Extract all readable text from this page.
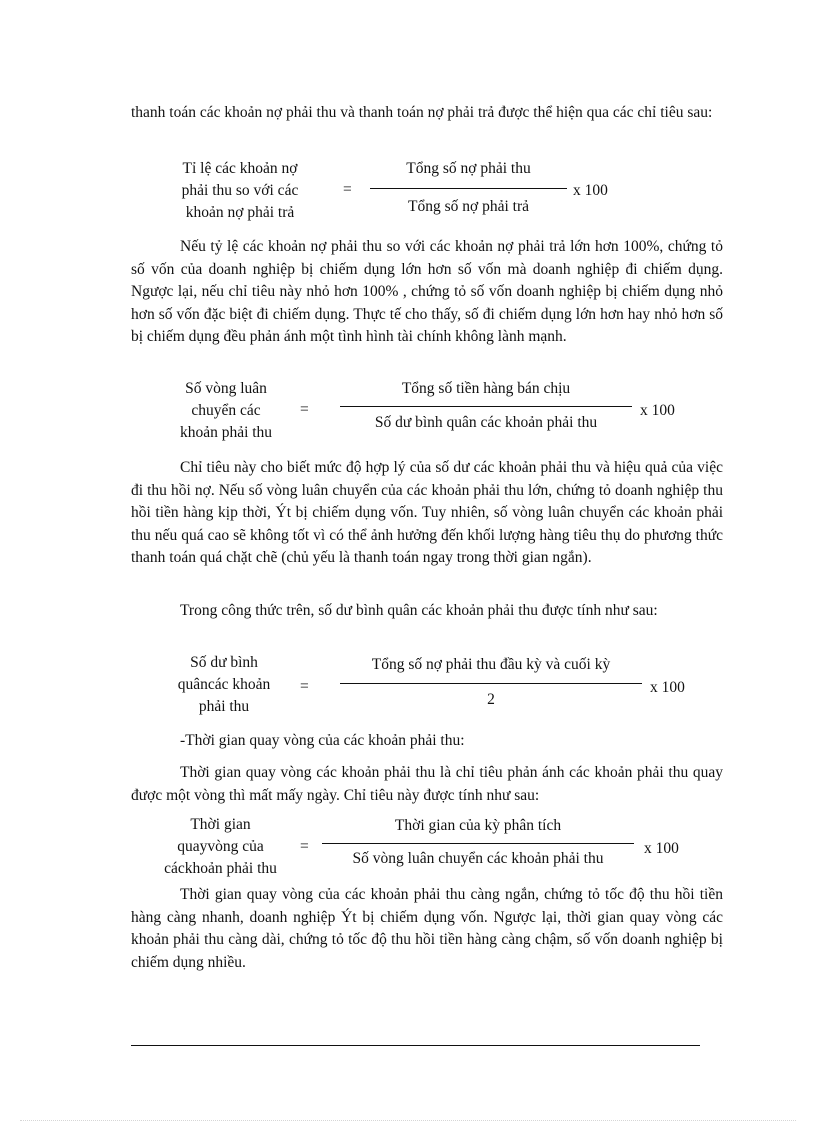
thanh toán các khoản nợ phải thu và thanh toán nợ phải trả được thể hiện qua các chỉ tiêu sau:

Tỉ lệ các khoản nợ
phải thu so với các
khoản nợ phải trả
=
Tổng số nợ phải thu
Tổng số nợ phải trả
x 100

Nếu tỷ lệ các khoản nợ phải thu so với các khoản nợ phải trả lớn hơn 100%, chứng tỏ số vốn của doanh nghiệp bị chiếm dụng lớn hơn số vốn mà doanh nghiệp đi chiếm dụng. Ngược lại, nếu chỉ tiêu này nhỏ hơn 100% , chứng tỏ số vốn doanh nghiệp bị chiếm dụng nhỏ hơn số vốn đặc biệt đi chiếm dụng. Thực tế cho thấy, số đi chiếm dụng lớn hơn hay nhỏ hơn số bị chiếm dụng đều phản ánh một tình hình tài chính không lành mạnh.

Số vòng luân
chuyển các
khoản phải thu
=
Tổng số tiền hàng bán chịu
Số dư bình quân các khoản phải thu
x 100

Chỉ tiêu này cho biết mức độ hợp lý của số dư các khoản phải thu và hiệu quả của việc đi thu hồi nợ. Nếu số vòng luân chuyển của các khoản phải thu lớn, chứng tỏ doanh nghiệp thu hồi tiền hàng kịp thời, Ýt bị chiếm dụng vốn. Tuy nhiên, số vòng luân chuyển các khoản phải thu nếu quá cao sẽ không tốt vì có thể ảnh hưởng đến khối lượng hàng tiêu thụ do phương thức thanh toán quá chặt chẽ (chủ yếu là thanh toán ngay trong thời gian ngắn).

Trong công thức trên, số dư bình quân các khoản phải thu được tính như sau:

Số dư bình
quâncác khoản
phải thu
=
Tổng số nợ phải thu đầu kỳ và cuối kỳ
2
x 100

-Thời gian quay vòng của các khoản phải thu:

Thời gian quay vòng các khoản phải thu là chỉ tiêu phản ánh các khoản phải thu quay được một vòng thì mất mấy ngày. Chỉ tiêu này được tính như sau:

Thời gian
quayvòng của
cáckhoản phải thu
=
Thời gian của kỳ phân tích
Số vòng luân chuyển các khoản phải thu
x 100

Thời gian quay vòng của các khoản phải thu càng ngắn, chứng tỏ tốc độ thu hồi tiền hàng càng nhanh, doanh nghiệp Ýt bị chiếm dụng vốn. Ngược lại, thời gian quay vòng các khoản phải thu càng dài, chứng tỏ tốc độ thu hồi tiền hàng càng chậm, số vốn doanh nghiệp bị chiếm dụng nhiều.
